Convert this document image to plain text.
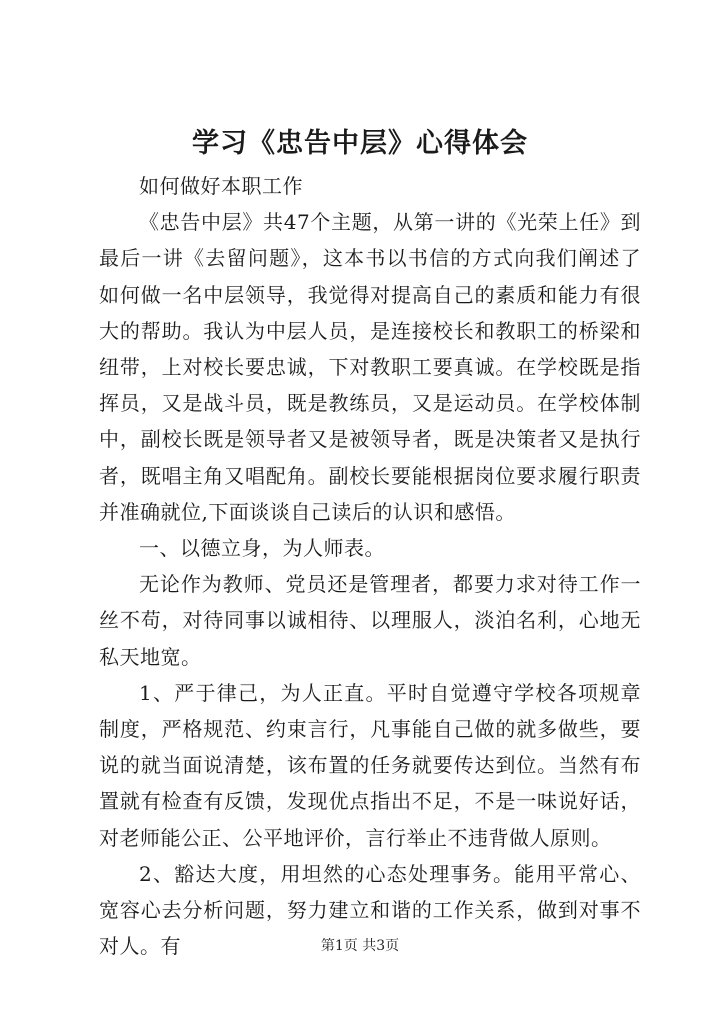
学习《忠告中层》心得体会

如何做好本职工作

《忠告中层》共47个主题，从第一讲的《光荣上任》到最后一讲《去留问题》，这本书以书信的方式向我们阐述了如何做一名中层领导，我觉得对提高自己的素质和能力有很大的帮助。我认为中层人员，是连接校长和教职工的桥梁和纽带，上对校长要忠诚，下对教职工要真诚。在学校既是指挥员，又是战斗员，既是教练员，又是运动员。在学校体制中，副校长既是领导者又是被领导者，既是决策者又是执行者，既唱主角又唱配角。副校长要能根据岗位要求履行职责并准确就位,下面谈谈自己读后的认识和感悟。

一、以德立身，为人师表。

无论作为教师、党员还是管理者，都要力求对待工作一丝不苟，对待同事以诚相待、以理服人，淡泊名利，心地无私天地宽。

1、严于律己，为人正直。平时自觉遵守学校各项规章制度，严格规范、约束言行，凡事能自己做的就多做些，要说的就当面说清楚，该布置的任务就要传达到位。当然有布置就有检查有反馈，发现优点指出不足，不是一味说好话，对老师能公正、公平地评价，言行举止不违背做人原则。

2、豁达大度，用坦然的心态处理事务。能用平常心、宽容心去分析问题，努力建立和谐的工作关系，做到对事不对人。有	第1页 共3页
